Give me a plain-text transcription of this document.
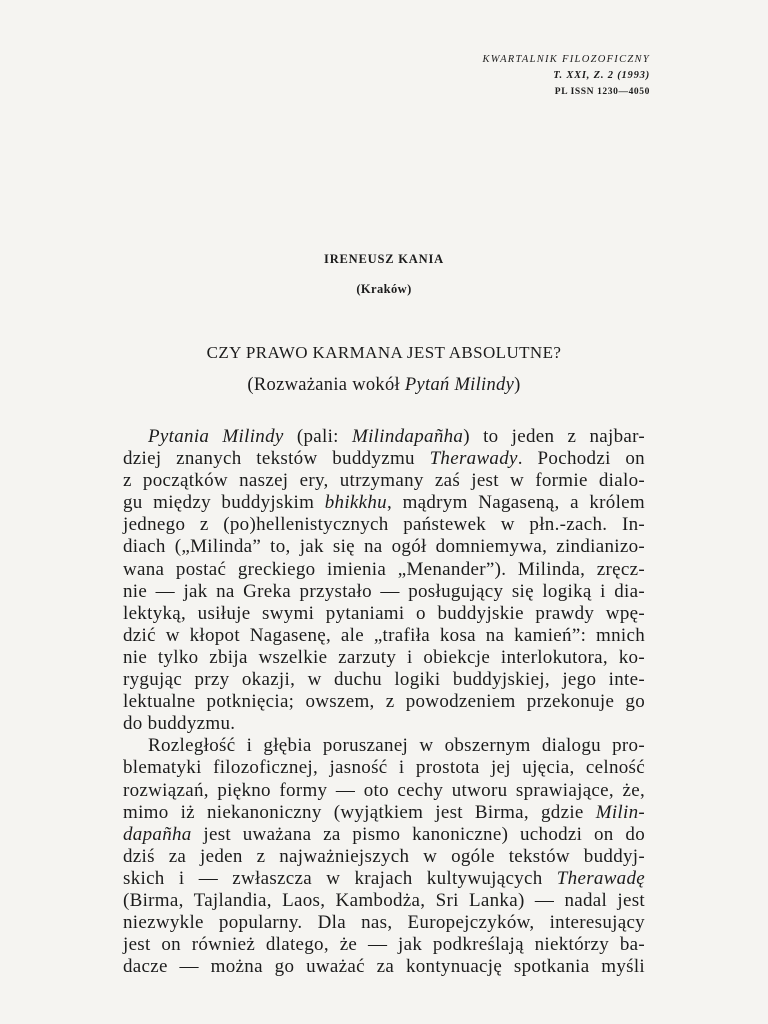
KWARTALNIK FILOZOFICZNY
T. XXI, Z. 2 (1993)
PL ISSN 1230—4050
IRENEUSZ KANIA
(Kraków)
CZY PRAWO KARMANA JEST ABSOLUTNE?
(Rozważania wokół Pytań Milindy)
Pytania Milindy (pali: Milindapañha) to jeden z najbar-
dziej znanych tekstów buddyzmu Therawady. Pochodzi on
z początków naszej ery, utrzymany zaś jest w formie dialo-
gu między buddyjskim bhikkhu, mądrym Nagaseną, a królem
jednego z (po)hellenistycznych państewek w płn.-zach. In-
diach („Milinda” to, jak się na ogół domniemywa, zindianizo-
wana postać greckiego imienia „Menander”). Milinda, zręcz-
nie — jak na Greka przystało — posługujący się logiką i dia-
lektyką, usiłuje swymi pytaniami o buddyjskie prawdy wpę-
dzić w kłopot Nagasenę, ale „trafiła kosa na kamień”: mnich
nie tylko zbija wszelkie zarzuty i obiekcje interlokutora, ko-
rygując przy okazji, w duchu logiki buddyjskiej, jego inte-
lektualne potknięcia; owszem, z powodzeniem przekonuje go
do buddyzmu.
Rozległość i głębia poruszanej w obszernym dialogu pro-
blematyki filozoficznej, jasność i prostota jej ujęcia, celność
rozwiązań, piękno formy — oto cechy utworu sprawiające, że,
mimo iż niekanoniczny (wyjątkiem jest Birma, gdzie Milin-
dapañha jest uważana za pismo kanoniczne) uchodzi on do
dziś za jeden z najważniejszych w ogóle tekstów buddyj-
skich i — zwłaszcza w krajach kultywujących Therawadę
(Birma, Tajlandia, Laos, Kambodża, Sri Lanka) — nadal jest
niezwykle popularny. Dla nas, Europejczyków, interesujący
jest on również dlatego, że — jak podkreślają niektórzy ba-
dacze — można go uważać za kontynuację spotkania myśli
